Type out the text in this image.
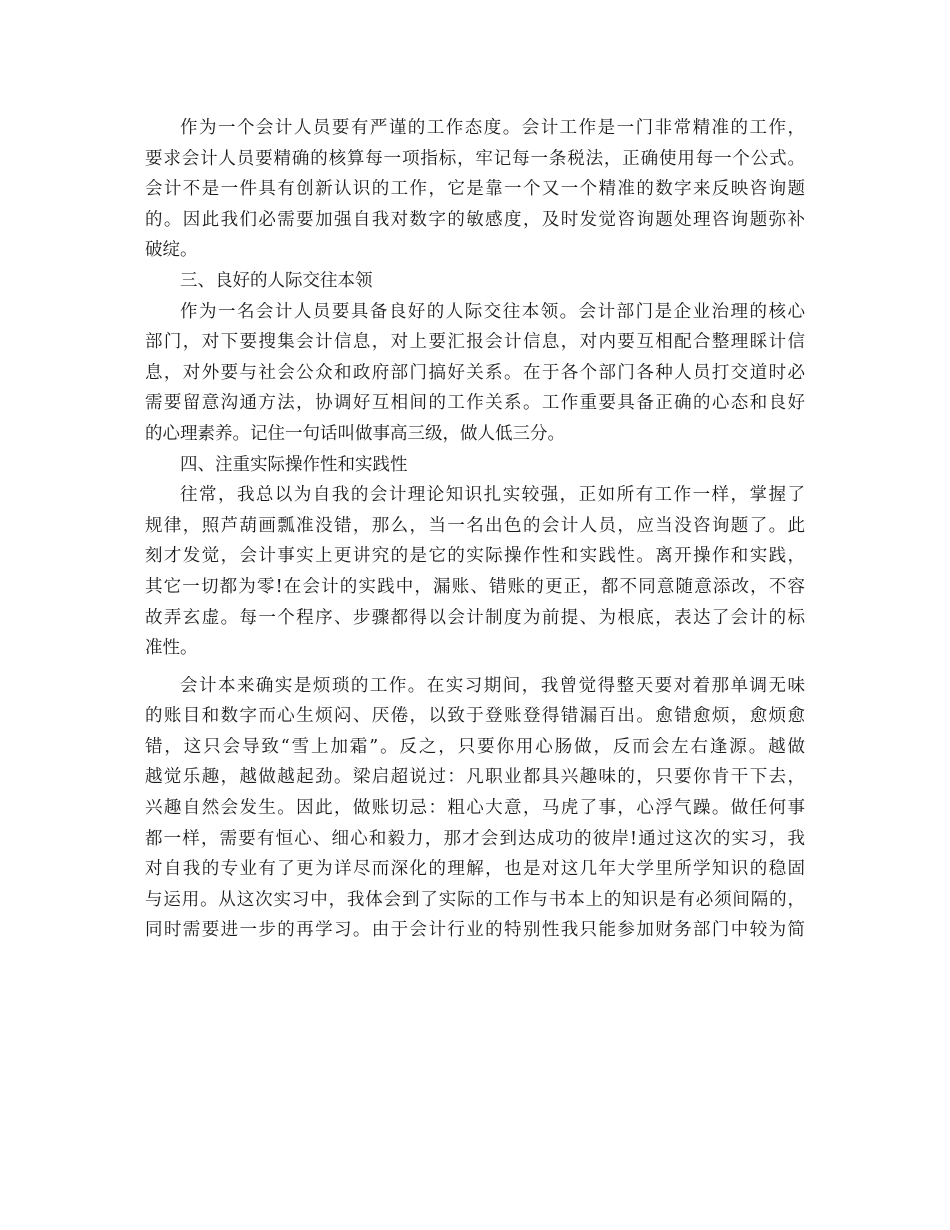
作为一个会计人员要有严谨的工作态度。会计工作是一门非常精准的工作，
要求会计人员要精确的核算每一项指标，牢记每一条税法，正确使用每一个公式。
会计不是一件具有创新认识的工作，它是靠一个又一个精准的数字来反映咨询题
的。因此我们必需要加强自我对数字的敏感度，及时发觉咨询题处理咨询题弥补
破绽。
三、良好的人际交往本领
作为一名会计人员要具备良好的人际交往本领。会计部门是企业治理的核心
部门，对下要搜集会计信息，对上要汇报会计信息，对内要互相配合整理睬计信
息，对外要与社会公众和政府部门搞好关系。在于各个部门各种人员打交道时必
需要留意沟通方法，协调好互相间的工作关系。工作重要具备正确的心态和良好
的心理素养。记住一句话叫做事高三级，做人低三分。
四、注重实际操作性和实践性
往常，我总以为自我的会计理论知识扎实较强，正如所有工作一样，掌握了
规律，照芦葫画瓢准没错，那么，当一名出色的会计人员，应当没咨询题了。此
刻才发觉，会计事实上更讲究的是它的实际操作性和实践性。离开操作和实践，
其它一切都为零!在会计的实践中，漏账、错账的更正，都不同意随意添改，不容
故弄玄虚。每一个程序、步骤都得以会计制度为前提、为根底，表达了会计的标
准性。
会计本来确实是烦琐的工作。在实习期间，我曾觉得整天要对着那单调无味
的账目和数字而心生烦闷、厌倦，以致于登账登得错漏百出。愈错愈烦，愈烦愈
错，这只会导致“雪上加霜”。反之，只要你用心肠做，反而会左右逢源。越做
越觉乐趣，越做越起劲。梁启超说过：凡职业都具兴趣味的，只要你肯干下去，
兴趣自然会发生。因此，做账切忌：粗心大意，马虎了事，心浮气躁。做任何事
都一样，需要有恒心、细心和毅力，那才会到达成功的彼岸!通过这次的实习，我
对自我的专业有了更为详尽而深化的理解，也是对这几年大学里所学知识的稳固
与运用。从这次实习中，我体会到了实际的工作与书本上的知识是有必须间隔的，
同时需要进一步的再学习。由于会计行业的特别性我只能参加财务部门中较为简
